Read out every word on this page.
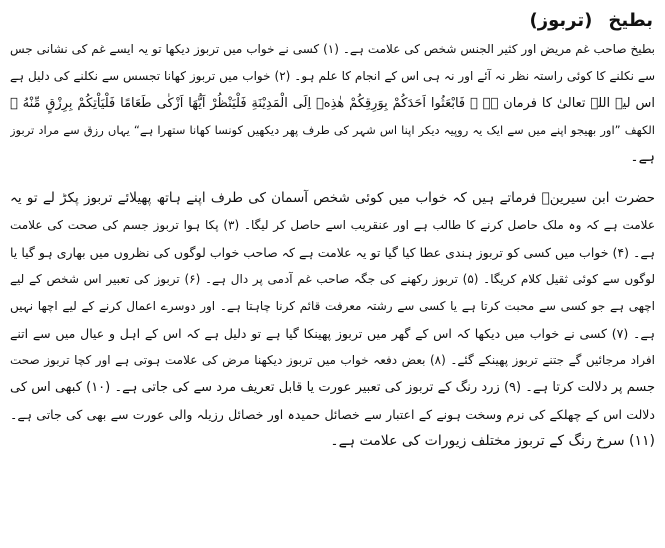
بطیخ
(تربوز)
بطیخ صاحب غم مریض اور کثیر الجنس شخص کی علامت ہے۔ (۱) کسی نے خواب میں تربوز دیکھا تو یہ ایسے غم کی نشانی جس
سے نکلنے کا کوئی راستہ نظر نہ آئے اور نہ ہی اس کے انجام کا علم ہو۔ (۲) خواب میں تربوز کھانا تجسس سے نکلنے کی دلیل ہے
اس لیے اللہ تعالیٰ کا فرمان ہے ﴿ فَابْعَثُوا اَحَدَكُمْ بِوَرِقِكُمْ هٰذِهٖ اِلَى الْمَدِيْنَةِ فَلْيَنْظُرْ اَيُّهَا اَزْكٰى طَعَامًا فَلْيَاْتِكُمْ بِرِزْقٍ مِّنْهُ ﴾
الکھف ”اور بھیجو اپنے میں سے ایک یہ روپیہ دیکر اپنا اس شہر کی طرف پھر دیکھیں کونسا کھانا ستھرا ہے“ یہاں رزق سے مراد تربوز
ہے۔
حضرت ابن سیرینؒ فرماتے ہیں کہ خواب میں کوئی شخص آسمان کی طرف اپنے ہاتھ پھیلائے تربوز پکڑ لے تو یہ
علامت ہے کہ وہ ملک حاصل کرنے کا طالب ہے اور عنقریب اسے حاصل کر لیگا۔ (۳) پکا ہوا تربوز جسم کی صحت کی علامت
ہے۔ (۴) خواب میں کسی کو تربوز ہندی عطا کیا گیا تو یہ علامت ہے کہ صاحب خواب لوگوں کی نظروں میں بھاری ہو گیا یا
لوگوں سے کوئی ثقیل کلام کریگا۔ (۵) تربوز رکھنے کی جگہ صاحب غم آدمی پر دال ہے۔ (۶) تربوز کی تعبیر اس شخص کے لیے
اچھی ہے جو کسی سے محبت کرتا ہے یا کسی سے رشتہ معرفت قائم کرنا چاہتا ہے۔ اور دوسرے اعمال کرنے کے لیے اچھا نہیں
ہے۔ (۷) کسی نے خواب میں دیکھا کہ اس کے گھر میں تربوز پھینکا گیا ہے تو دلیل ہے کہ اس کے اہل و عیال میں سے اتنے
افراد مرجائیں گے جتنے تربوز پھینکے گئے۔ (۸) بعض دفعہ خواب میں تربوز دیکھنا مرض کی علامت ہوتی ہے اور کچا تربوز صحت
جسم پر دلالت کرتا ہے۔ (۹) زرد رنگ کے تربوز کی تعبیر عورت یا قابل تعریف مرد سے کی جاتی ہے۔ (۱۰) کبھی اس کی
دلالت اس کے چھلکے کی نرم وسخت ہونے کے اعتبار سے خصائل حمیدہ اور خصائل رزیلہ والی عورت سے بھی کی جاتی ہے۔
(۱۱) سرخ رنگ کے تربوز مختلف زیورات کی علامت ہے۔
